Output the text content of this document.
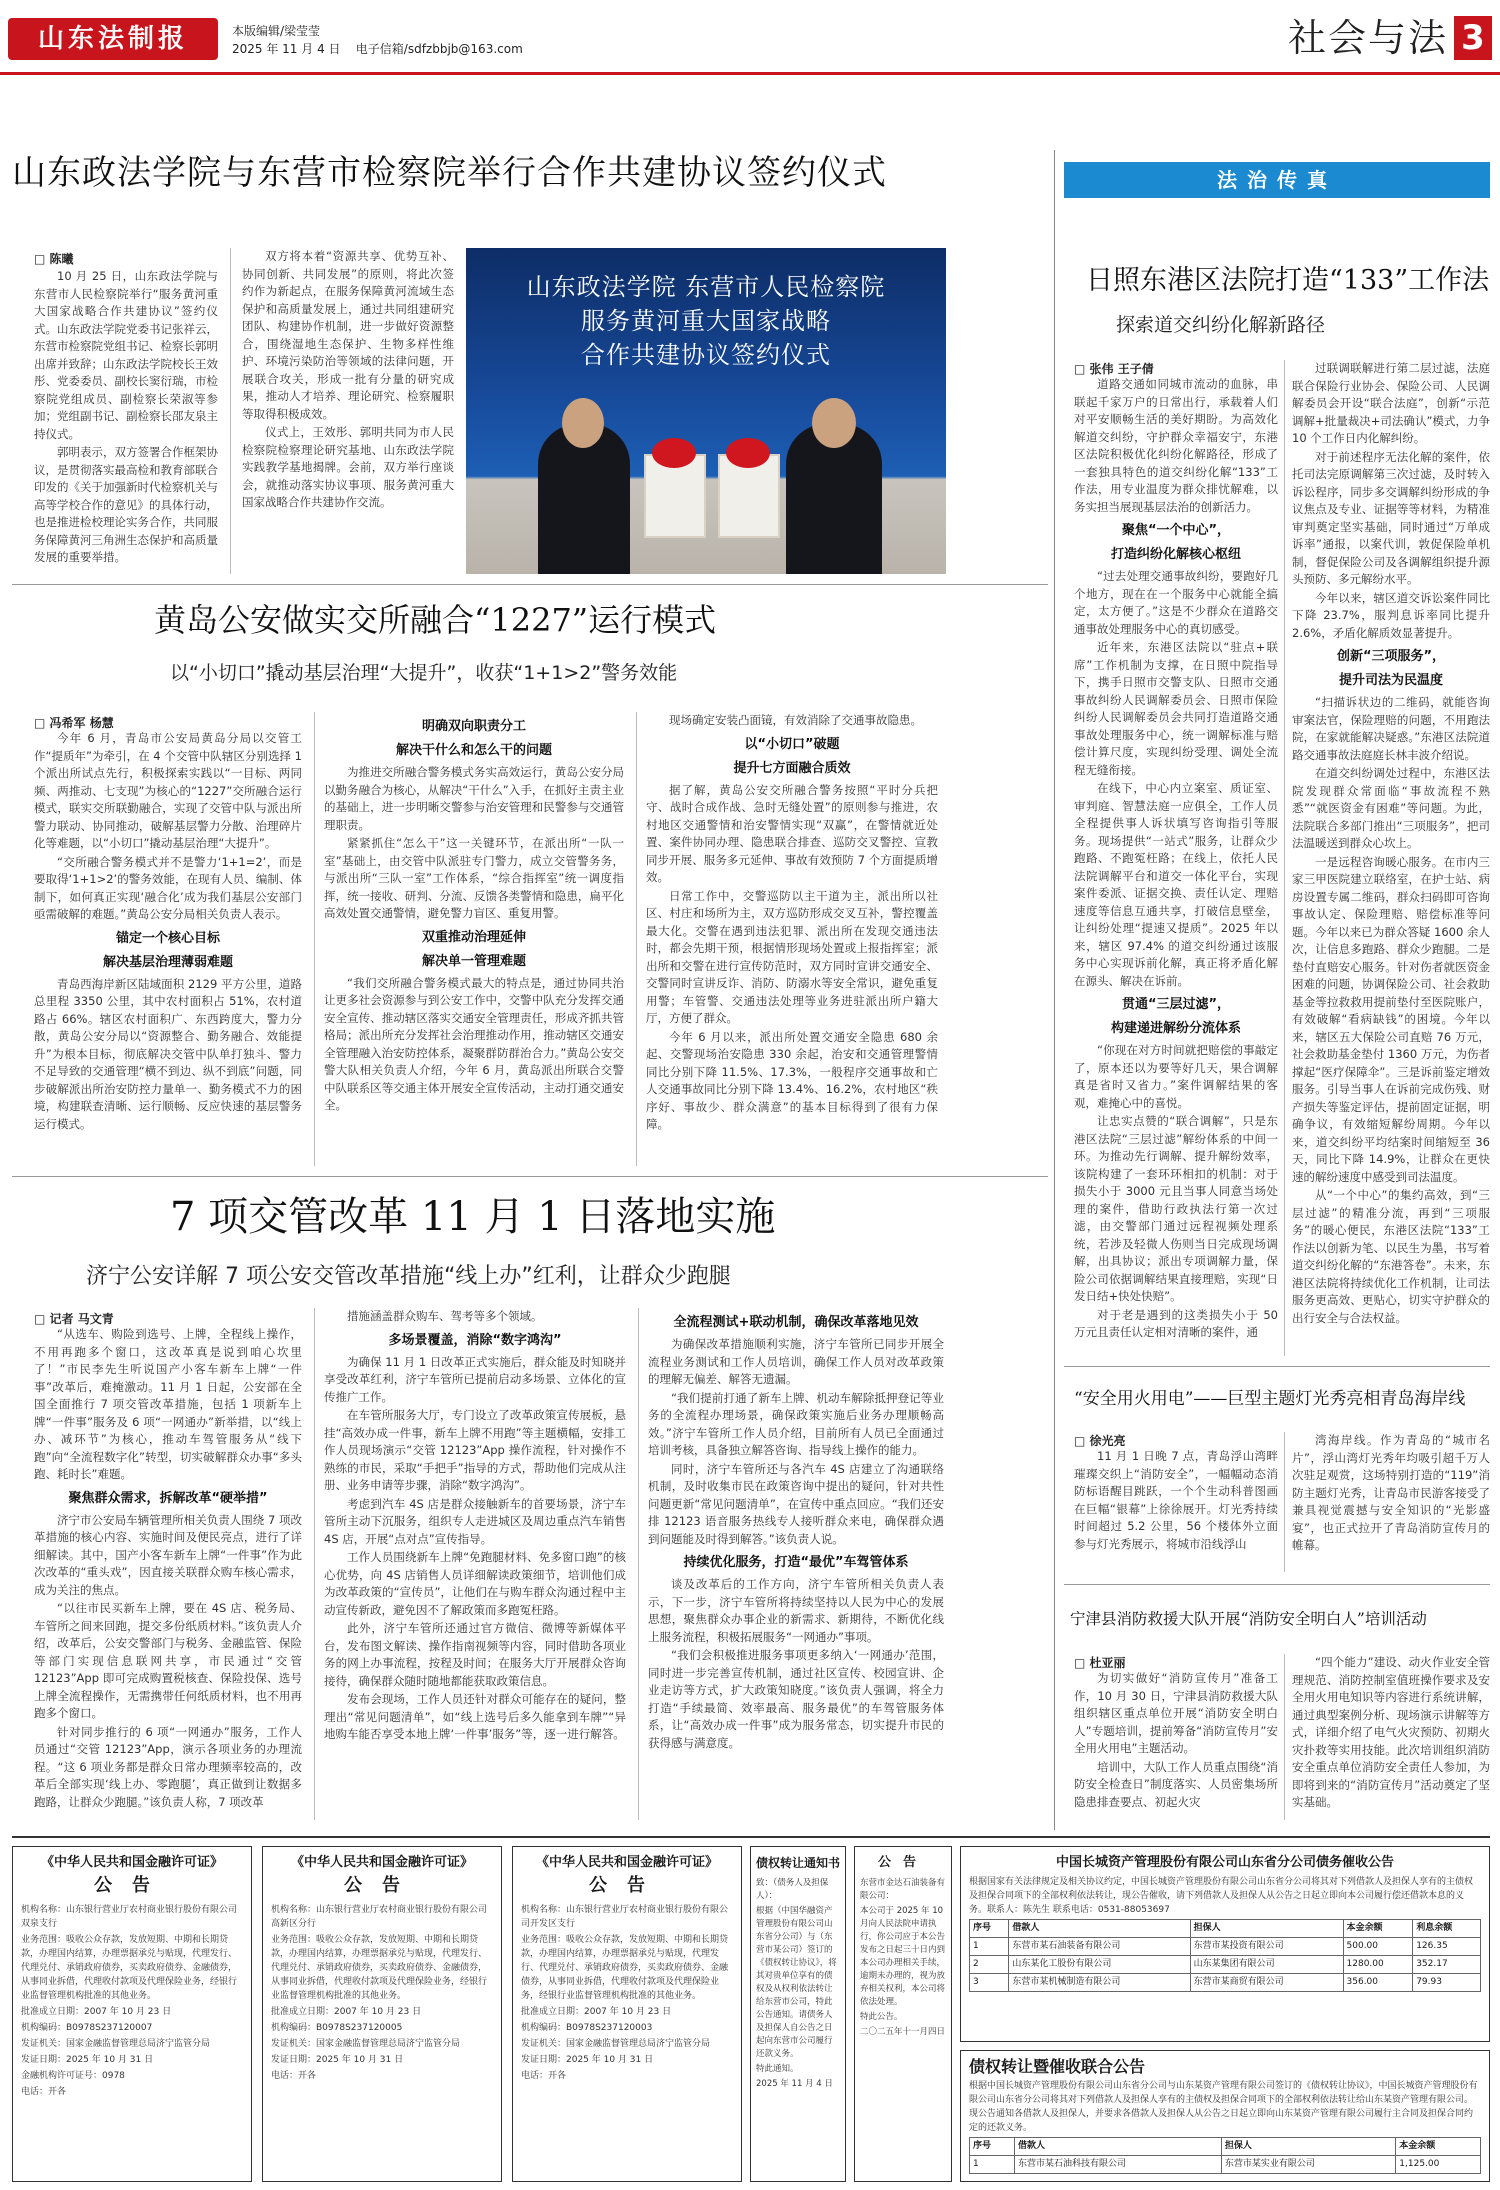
山东法制报	本版编辑/梁莹莹
2025 年 11 月 4 日 电子信箱/sdfzbbjb@163.com	社会与法 3
山东政法学院与东营市检察院举行合作共建协议签约仪式
□ 陈曦

10 月 25 日，山东政法学院与东营市人民检察院举行“服务黄河重大国家战略合作共建协议”签约仪式。山东政法学院党委书记张祥云，东营市检察院党组书记、检察长郭明出席并致辞；山东政法学院校长王效彤、党委委员、副校长窦衍瑞，市检察院党组成员、副检察长荣淑等参加；党组副书记、副检察长邵友泉主持仪式。

郭明表示，双方签署合作框架协议，是贯彻落实最高检和教育部联合印发的《关于加强新时代检察机关与高等学校合作的意见》的具体行动，也是推进检校理论实务合作，共同服务保障黄河三角洲生态保护和高质量发展的重要举措。

双方将本着“资源共享、优势互补、协同创新、共同发展”的原则，将此次签约作为新起点，在服务保障黄河流域生态保护和高质量发展上，通过共同组建研究团队、构建协作机制，进一步做好资源整合，围绕湿地生态保护、生物多样性维护、环境污染防治等领域的法律问题，开展联合攻关，形成一批有分量的研究成果，推动人才培养、理论研究、检察履职等取得积极成效。

仪式上，王效彤、郭明共同为市人民检察院检察理论研究基地、山东政法学院实践教学基地揭牌。会前，双方举行座谈会，就推动落实协议事项、服务黄河重大国家战略合作共建协作交流。

山东政法学院 东营市人民检察院
服务黄河重大国家战略
合作共建协议签约仪式
黄岛公安做实交所融合“1227”运行模式
以“小切口”撬动基层治理“大提升”，收获“1+1>2”警务效能
□ 冯希军 杨慧

今年 6 月，青岛市公安局黄岛分局以交管工作“提质年”为牵引，在 4 个交管中队辖区分别选择 1 个派出所试点先行，积极探索实践以“一目标、两同频、两推动、七支现”为核心的“1227”交所融合运行模式，联实交所联勤融合，实现了交管中队与派出所警力联动、协同推动，破解基层警力分散、治理碎片化等难题，以“小切口”撬动基层治理“大提升”。

“交所融合警务模式并不是警力‘1+1=2’，而是要取得‘1+1>2’的警务效能，在现有人员、编制、体制下，如何真正实现‘融合化’成为我们基层公安部门亟需破解的难题。”黄岛公安分局相关负责人表示。

锚定一个核心目标

解决基层治理薄弱难题

青岛西海岸新区陆域面积 2129 平方公里，道路总里程 3350 公里，其中农村面积占 51%，农村道路占 66%。辖区农村面积广、东西跨度大，警力分散，黄岛公安分局以“资源整合、勤务融合、效能提升”为根本目标，彻底解决交管中队单打独斗、警力不足导致的交通管理“横不到边、纵不到底”问题，同步破解派出所治安防控力量单一、勤务模式不力的困境，构建联查清晰、运行顺畅、反应快速的基层警务运行模式。

明确双向职责分工

解决干什么和怎么干的问题

为推进交所融合警务模式务实高效运行，黄岛公安分局以勤务融合为核心，从解决“干什么”入手，在抓好主责主业的基础上，进一步明晰交警参与治安管理和民警参与交通管理职责。

紧紧抓住“怎么干”这一关键环节，在派出所“一队一室”基础上，由交管中队派驻专门警力，成立交管警务务，与派出所“三队一室”工作体系，“综合指挥室”统一调度指挥，统一接收、研判、分流、反馈各类警情和隐患，扁平化高效处置交通警情，避免警力盲区、重复用警。

双重推动治理延伸

解决单一管理难题

“我们交所融合警务模式最大的特点是，通过协同共治让更多社会资源参与到公安工作中，交警中队充分发挥交通安全宣传、推动辖区落实交通安全管理责任，形成齐抓共管格局；派出所充分发挥社会治理推动作用，推动辖区交通安全管理融入治安防控体系，凝聚群防群治合力。”黄岛公安交警大队相关负责人介绍，今年 6 月，黄岛派出所联合交警中队联系区等交通主体开展安全宣传活动，主动打通交通安全。

现场确定安装凸面镜，有效消除了交通事故隐患。

以“小切口”破题

提升七方面融合质效

据了解，黄岛公安交所融合警务按照“平时分兵把守、战时合成作战、急时无缝处置”的原则参与推进，农村地区交通警情和治安警情实现“双赢”，在警情就近处置、案件协同办理、隐患联合排查、巡防交叉警控、宣教同步开展、服务多元延伸、事故有效预防 7 个方面提质增效。

日常工作中，交警巡防以主干道为主，派出所以社区、村庄和场所为主，双方巡防形成交叉互补，警控覆盖最大化。交警在遇到违法犯罪、派出所在发现交通违法时，都会先期干预，根据情形现场处置或上报指挥室；派出所和交警在进行宣传防范时，双方同时宣讲交通安全、交警同时宣讲反诈、消防、防溺水等安全常识，避免重复用警；车管警、交通违法处理等业务进驻派出所户籍大厅，方便了群众。

今年 6 月以来，派出所处置交通安全隐患 680 余起、交警现场治安隐患 330 余起，治安和交通管理警情同比分别下降 11.5%、17.3%，一般程序交通事故和亡人交通事故同比分别下降 13.4%、16.2%，农村地区“秩序好、事故少、群众满意”的基本目标得到了很有力保障。

7 项交管改革 11 月 1 日落地实施
济宁公安详解 7 项公安交管改革措施“线上办”红利，让群众少跑腿
□ 记者 马文青

“从选车、购险到选号、上牌，全程线上操作，不用再跑多个窗口，这改革真是说到咱心坎里了！”市民李先生听说国产小客车新车上牌“一件事”改革后，难掩激动。11 月 1 日起，公安部在全国全面推行 7 项交管改革措施，包括 1 项新车上牌“一件事”服务及 6 项“一网通办”新举措，以“线上办、减环节”为核心，推动车驾管服务从“线下跑”向“全流程数字化”转型，切实破解群众办事“多头跑、耗时长”难题。

聚焦群众需求，拆解改革“硬举措”

济宁市公安局车辆管理所相关负责人围绕 7 项改革措施的核心内容、实施时间及便民亮点，进行了详细解读。其中，国产小客车新车上牌“一件事”作为此次改革的“重头戏”，因直接关联群众购车核心需求，成为关注的焦点。

“以往市民买新车上牌，要在 4S 店、税务局、车管所之间来回跑，提交多份纸质材料。”该负责人介绍，改革后，公安交警部门与税务、金融监管、保险等部门实现信息联网共享，市民通过“交管 12123”App 即可完成购置税核查、保险投保、选号上牌全流程操作，无需携带任何纸质材料，也不用再跑多个窗口。

针对同步推行的 6 项“一网通办”服务，工作人员通过“交管 12123”App，演示各项业务的办理流程。“这 6 项业务都是群众日常办理频率较高的，改革后全部实现‘线上办、零跑腿’，真正做到让数据多跑路，让群众少跑腿。”该负责人称，7 项改革

措施涵盖群众购车、驾考等多个领域。

多场景覆盖，消除“数字鸿沟”

为确保 11 月 1 日改革正式实施后，群众能及时知晓并享受改革红利，济宁车管所已提前启动多场景、立体化的宣传推广工作。

在车管所服务大厅，专门设立了改革政策宣传展板，悬挂“高效办成一件事，新车上牌不用跑”等主题横幅，安排工作人员现场演示“交管 12123”App 操作流程，针对操作不熟练的市民，采取“手把手”指导的方式，帮助他们完成从注册、业务申请等步骤，消除“数字鸿沟”。

考虑到汽车 4S 店是群众接触新车的首要场景，济宁车管所主动下沉服务，组织专人走进城区及周边重点汽车销售 4S 店，开展“点对点”宣传指导。

工作人员围绕新车上牌“免跑腿材料、免多窗口跑”的核心优势，向 4S 店销售人员详细解读政策细节，培训他们成为改革政策的“宣传员”，让他们在与购车群众沟通过程中主动宣传新政，避免因不了解政策而多跑冤枉路。

此外，济宁车管所还通过官方微信、微博等新媒体平台，发布图文解读、操作指南视频等内容，同时借助各项业务的网上办事流程，按程及时间；在服务大厅开展群众咨询接待，确保群众随时随地都能获取政策信息。

发布会现场，工作人员还针对群众可能存在的疑问，整理出“常见问题清单”，如“线上选号后多久能拿到车牌”“异地购车能否享受本地上牌‘一件事’服务”等，逐一进行解答。

全流程测试+联动机制，确保改革落地见效

为确保改革措施顺利实施，济宁车管所已同步开展全流程业务测试和工作人员培训，确保工作人员对改革政策的理解无偏差、解答无遗漏。

“我们提前打通了新车上牌、机动车解除抵押登记等业务的全流程办理场景，确保政策实施后业务办理顺畅高效。”济宁车管所工作人员介绍，目前所有人员已全面通过培训考核，具备独立解答咨询、指导线上操作的能力。

同时，济宁车管所还与各汽车 4S 店建立了沟通联络机制，及时收集市民在政策咨询中提出的疑问，针对共性问题更新“常见问题清单”，在宣传中重点回应。“我们还安排 12123 语音服务热线专人接听群众来电，确保群众遇到问题能及时得到解答。”该负责人说。

持续优化服务，打造“最优”车驾管体系

谈及改革后的工作方向，济宁车管所相关负责人表示，下一步，济宁车管所将持续坚持以人民为中心的发展思想，聚焦群众办事企业的新需求、新期待，不断优化线上服务流程，积极拓展服务“一网通办”事项。

“我们会积极推进服务事项更多纳入‘一网通办’范围，同时进一步完善宣传机制，通过社区宣传、校园宣讲、企业走访等方式，扩大政策知晓度。”该负责人强调，将全力打造“手续最简、效率最高、服务最优”的车驾管服务体系，让“高效办成一件事”成为服务常态，切实提升市民的获得感与满意度。

法治传真
日照东港区法院打造“133”工作法
探索道交纠纷化解新路径
□ 张伟 王子倩

道路交通如同城市流动的血脉，串联起千家万户的日常出行，承载着人们对平安顺畅生活的美好期盼。为高效化解道交纠纷，守护群众幸福安宁，东港区法院积极优化纠纷化解路径，形成了一套独具特色的道交纠纷化解“133”工作法，用专业温度为群众排忧解难，以务实担当展现基层法治的创新活力。

聚焦“一个中心”，

打造纠纷化解核心枢纽

“过去处理交通事故纠纷，要跑好几个地方，现在在一个服务中心就能全搞定，太方便了。”这是不少群众在道路交通事故处理服务中心的真切感受。

近年来，东港区法院以“驻点+联席”工作机制为支撑，在日照中院指导下，携手日照市交警支队、日照市交通事故纠纷人民调解委员会、日照市保险纠纷人民调解委员会共同打造道路交通事故处理服务中心，统一调解标准与赔偿计算尺度，实现纠纷受理、调处全流程无缝衔接。

在线下，中心内立案室、质证室、审判庭、智慧法庭一应俱全，工作人员全程提供事人诉状填写咨询指引等服务。现场提供“一站式”服务，让群众少跑路、不跑冤枉路；在线上，依托人民法院调解平台和道交一体化平台，实现案件委派、证据交换、责任认定、理赔速度等信息互通共享，打破信息壁垒，让纠纷处理“提速又提质”。2025 年以来，辖区 97.4% 的道交纠纷通过该服务中心实现诉前化解，真正将矛盾化解在源头、解决在诉前。

贯通“三层过滤”，

构建递进解纷分流体系

“你现在对方时间就把赔偿的事敲定了，原本还以为要等好几天，果合调解真是省时又省力。”案件调解结果的客观，难掩心中的喜悦。

让忠实点赞的“联合调解”，只是东港区法院“三层过滤”解纷体系的中间一环。为推动先行调解、提升解纷效率，该院构建了一套环环相扣的机制：对于损失小于 3000 元且当事人同意当场处理的案件，借助行政执法行第一次过滤，由交警部门通过远程视频处理系统，若涉及轻微人伤则当日完成现场调解，出具协议；派出专项调解力量，保险公司依据调解结果直接理赔，实现“日发日结+快处快赔”。

对于老是遇到的这类损失小于 50 万元且责任认定相对清晰的案件，通

过联调联解进行第二层过滤，法庭联合保险行业协会、保险公司、人民调解委员会开设“联合法庭”，创新“示范调解+批量裁决+司法确认”模式，力争 10 个工作日内化解纠纷。

对于前述程序无法化解的案件，依托司法完原调解第三次过滤，及时转入诉讼程序，同步多交调解纠纷形成的争议焦点及专业、证据等等材料，为精准审判奠定坚实基础，同时通过“万单成诉率”通报，以案代训，敦促保险单机制，督促保险公司及各调解组织提升源头预防、多元解纷水平。

今年以来，辖区道交诉讼案件同比下降 23.7%，服判息诉率同比提升 2.6%，矛盾化解质效显著提升。

创新“三项服务”，

提升司法为民温度

“扫描诉状边的二维码，就能咨询审案法官，保险理赔的问题，不用跑法院，在家就能解决疑惑。”东港区法院道路交通事故法庭庭长林丰波介绍说。

在道交纠纷调处过程中，东港区法院发现群众常面临“事故流程不熟悉”“就医资金有困难”等问题。为此，法院联合多部门推出“三项服务”，把司法温暖送到群众心坎上。

一是远程咨询暖心服务。在市内三家三甲医院建立联络室，在护士站、病房设置专属二维码，群众扫码即可咨询事故认定、保险理赔、赔偿标准等问题。今年以来已为群众答疑 1600 余人次，让信息多跑路、群众少跑腿。二是垫付直赔安心服务。针对伤者就医资金困难的问题，协调保险公司、社会救助基金等拉救救用提前垫付至医院账户，有效破解“看病缺钱”的困境。今年以来，辖区五大保险公司直赔 76 万元，社会救助基金垫付 1360 万元，为伤者撑起“医疗保障伞”。三是诉前鉴定增效服务。引导当事人在诉前完成伤残、财产损失等鉴定评估，提前固定证据，明确争议，有效缩短解纷周期。今年以来，道交纠纷平均结案时间缩短至 36 天，同比下降 14.9%，让群众在更快速的解纷速度中感受到司法温度。

从“一个中心”的集约高效，到“三层过滤”的精准分流，再到“三项服务”的暖心便民，东港区法院“133”工作法以创新为笔、以民生为墨，书写着道交纠纷化解的“东港答卷”。未来，东港区法院将持续优化工作机制，让司法服务更高效、更贴心，切实守护群众的出行安全与合法权益。

“安全用火用电”——巨型主题灯光秀亮相青岛海岸线
□ 徐光亮

11 月 1 日晚 7 点，青岛浮山湾畔璀璨交织上“消防安全”，一幅幅动态消防标语醒目跳跃，一个个生动科普图画在巨幅“银幕”上徐徐展开。灯光秀持续时间超过 5.2 公里，56 个楼体外立面参与灯光秀展示，将城市沿线浮山

湾海岸线。作为青岛的“城市名片”，浮山湾灯光秀年均吸引超千万人次驻足观赏，这场特别打造的“119”消防主题灯光秀，让青岛市民游客接受了兼具视觉震撼与安全知识的“光影盛宴”，也正式拉开了青岛消防宣传月的帷幕。

宁津县消防救援大队开展“消防安全明白人”培训活动
□ 杜亚丽

为切实做好“消防宣传月”准备工作，10 月 30 日，宁津县消防救援大队组织辖区重点单位开展“消防安全明白人”专题培训，提前筹备“消防宣传月”安全用火用电”主题活动。

培训中，大队工作人员重点围绕“消防安全检查日”制度落实、人员密集场所隐患排查要点、初起火灾

“四个能力”建设、动火作业安全管理规范、消防控制室值班操作要求及安全用火用电知识等内容进行系统讲解，通过典型案例分析、现场演示讲解等方式，详细介绍了电气火灾预防、初期火灾扑救等实用技能。此次培训组织消防安全重点单位消防安全责任人参加，为即将到来的“消防宣传月”活动奠定了坚实基础。

《中华人民共和国金融许可证》
公告

机构名称：山东银行营业厅农村商业银行股份有限公司双泉支行

业务范围：吸收公众存款，发放短期、中期和长期贷款，办理国内结算，办理票据承兑与贴现，代理发行、代理兑付、承销政府债券，买卖政府债券、金融债券，从事同业拆借，代理收付款项及代理保险业务，经银行业监督管理机构批准的其他业务。

批准成立日期：2007 年 10 月 23 日

机构编码：B0978S237120007

发证机关：国家金融监督管理总局济宁监管分局

发证日期：2025 年 10 月 31 日

金融机构许可证号：0978

电话：开各

《中华人民共和国金融许可证》
公告

机构名称：山东银行营业厅农村商业银行股份有限公司高新区分行

业务范围：吸收公众存款，发放短期、中期和长期贷款，办理国内结算，办理票据承兑与贴现，代理发行、代理兑付、承销政府债券，买卖政府债券、金融债券，从事同业拆借，代理收付款项及代理保险业务，经银行业监督管理机构批准的其他业务。

批准成立日期：2007 年 10 月 23 日

机构编码：B0978S237120005

发证机关：国家金融监督管理总局济宁监管分局

发证日期：2025 年 10 月 31 日

电话：开各

《中华人民共和国金融许可证》
公告

机构名称：山东银行营业厅农村商业银行股份有限公司开发区支行

业务范围：吸收公众存款，发放短期、中期和长期贷款，办理国内结算，办理票据承兑与贴现，代理发行、代理兑付、承销政府债券，买卖政府债券、金融债券，从事同业拆借，代理收付款项及代理保险业务，经银行业监督管理机构批准的其他业务。

批准成立日期：2007 年 10 月 23 日

机构编码：B0978S237120003

发证机关：国家金融监督管理总局济宁监管分局

发证日期：2025 年 10 月 31 日

电话：开各

债权转让通知书

致：（债务人及担保人）：

根据（中国华融资产管理股份有限公司山东省分公司）与（东营市某公司）签订的《债权转让协议》，将其对贵单位享有的债权及从权利依法转让给东营市公司，特此公告通知。请债务人及担保人自公告之日起向东营市公司履行还款义务。

特此通知。

2025 年 11 月 4 日

公告

东营市金达石油装备有限公司：

本公司于 2025 年 10 月向人民法院申请执行，你公司应于本公告发布之日起三十日内到本公司办理相关手续，逾期未办理的，视为放弃相关权利，本公司将依法处理。

特此公告。

二〇二五年十一月四日

中国长城资产管理股份有限公司山东省分公司债务催收公告
根据国家有关法律规定及相关协议约定，中国长城资产管理股份有限公司山东省分公司将其对下列借款人及担保人享有的主债权及担保合同项下的全部权利依法转让，现公告催收，请下列借款人及担保人从公告之日起立即向本公司履行偿还借款本息的义务。联系人：陈先生 联系电话：0531-88053697
序号	借款人	担保人	本金余额	利息余额
1	东营市某石油装备有限公司	东营市某投资有限公司	500.00	126.35
2	山东某化工股份有限公司	山东某集团有限公司	1280.00	352.17
3	东营市某机械制造有限公司	东营市某商贸有限公司	356.00	79.93
债权转让暨催收联合公告
根据中国长城资产管理股份有限公司山东省分公司与山东某资产管理有限公司签订的《债权转让协议》，中国长城资产管理股份有限公司山东省分公司将其对下列借款人及担保人享有的主债权及担保合同项下的全部权利依法转让给山东某资产管理有限公司。现公告通知各借款人及担保人，并要求各借款人及担保人从公告之日起立即向山东某资产管理有限公司履行主合同及担保合同约定的还款义务。
序号	借款人	担保人	本金余额
1	东营市某石油科技有限公司	东营市某实业有限公司	1,125.00
